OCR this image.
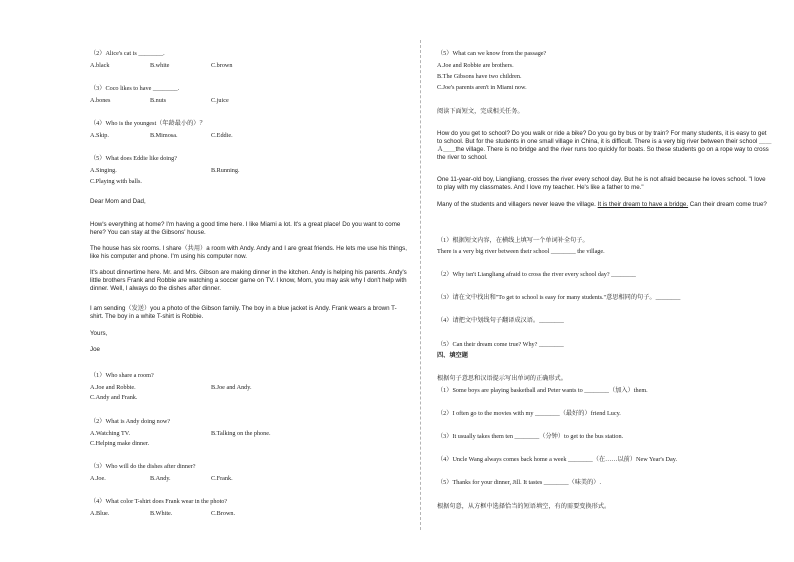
（2）Alice's cat is ________.
A.black	B.white	C.brown
（3）Coco likes to have ________.
A.bones	B.nuts	C.juice
（4）Who is the youngest（年龄最小的）？
A.Skip.	B.Mimosa.	C.Eddie.
（5）What does Eddie like doing?
A.Singing.	B.Running.
C.Playing with balls.
Dear Mom and Dad,
How's everything at home? I'm having a good time here. I like Miami a lot. It's a great place! Do you want to come here? You can stay at the Gibsons' house.
The house has six rooms. I share（共用）a room with Andy. Andy and I are great friends. He lets me use his things, like his computer and phone. I'm using his computer now.
It's about dinnertime here. Mr. and Mrs. Gibson are making dinner in the kitchen. Andy is helping his parents. Andy's little brothers Frank and Robbie are watching a soccer game on TV. I know, Mom, you may ask why I don't help with dinner. Well, I always do the dishes after dinner.
I am sending（发送）you a photo of the Gibson family. The boy in a blue jacket is Andy. Frank wears a brown T-shirt. The boy in a white T-shirt is Robbie.
Yours,
Joe
（1）Who share a room?
A.Joe and Robbie.	B.Joe and Andy.
C.Andy and Frank.
（2）What is Andy doing now?
A.Watching TV.	B.Talking on the phone.
C.Helping make dinner.
（3）Who will do the dishes after dinner?
A.Joe.	B.Andy.	C.Frank.
（4）What color T-shirt does Frank wear in the photo?
A.Blue.	B.White.	C.Brown.
（5）What can we know from the passage?
A.Joe and Robbie are brothers.
B.The Gibsons have two children.
C.Joe's parents aren't in Miami now.
阅读下面短文，完成相关任务。
How do you get to school? Do you walk or ride a bike? Do you go by bus or by train? For many students, it is easy to get to school. But for the students in one small village in China, it is difficult. There is a very big river between their school ＿＿Ａ＿＿the village. There is no bridge and the river runs too quickly for boats. So these students go on a rope way to cross the river to school.
One 11-year-old boy, Liangliang, crosses the river every school day. But he is not afraid because he loves school. "I love to play with my classmates. And I love my teacher. He's like a father to me."
Many of the students and villagers never leave the village. It is their dream to have a bridge. Can their dream come true?
（1）根据短文内容，在横线上填写一个单词补全句子。
There is a very big river between their school ________ the village.
（2）Why isn't Liangliang afraid to cross the river every school day? ________
（3）请在文中找出和"To get to school is easy for many students."意思相同的句子。________
（4）请把文中划线句子翻译成汉语。________
（5）Can their dream come true? Why? ________
四、填空题
根据句子意思和汉语提示写出单词的正确形式。
（1）Some boys are playing basketball and Peter wants to ________（加入）them.
（2）I often go to the movies with my ________（最好的）friend Lucy.
（3）It usually takes them ten ________（分钟）to get to the bus station.
（4）Uncle Wang always comes back home a week ________（在……以前）New Year's Day.
（5）Thanks for your dinner, Jill. It tastes ________（味美的）.
根据句意，从方框中选择恰当的短语填空，有的需要变换形式。
